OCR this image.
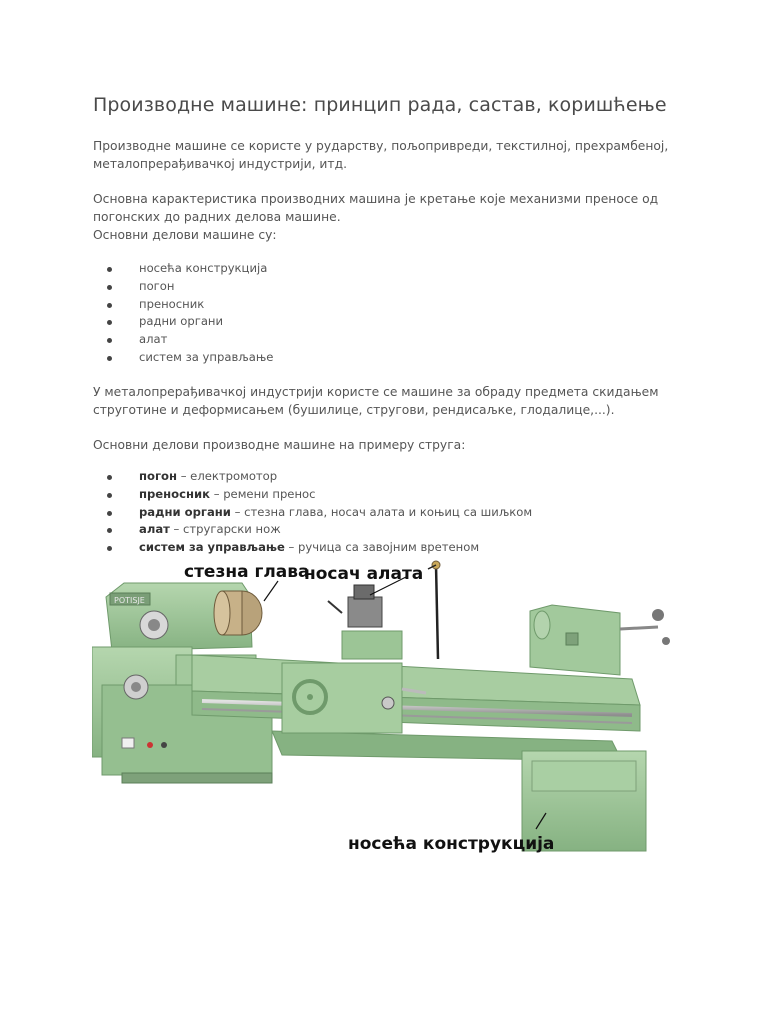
Производне машине: принцип рада, састав, коришћење

Производне машине се користе у рударству, пољопривреди, текстилној, прехрамбеној,
металопрерађивачкој индустрији, итд.

Основна карактеристика производних машина је кретање које механизми преносе од
погонских до радних делова машине.
Основни делови машине су:

носећа конструкција
погон
преносник
радни органи
алат
систем за управљање

У металопрерађивачкој индустрији користе се машине за обраду предмета скидањем
струготине и деформисањем (бушилице, стругови, рендисаљке, глодалице,...).

Основни делови производне машине на примеру струга:

погон – електромотор
преносник – ремени пренос
радни органи – стезна глава, носач алата и коњиц са шиљком
алат – стругарски нож
систем за управљање – ручица са завојним вретеном
POTISJE
стезна глава
носач алата
носећа конструкција
